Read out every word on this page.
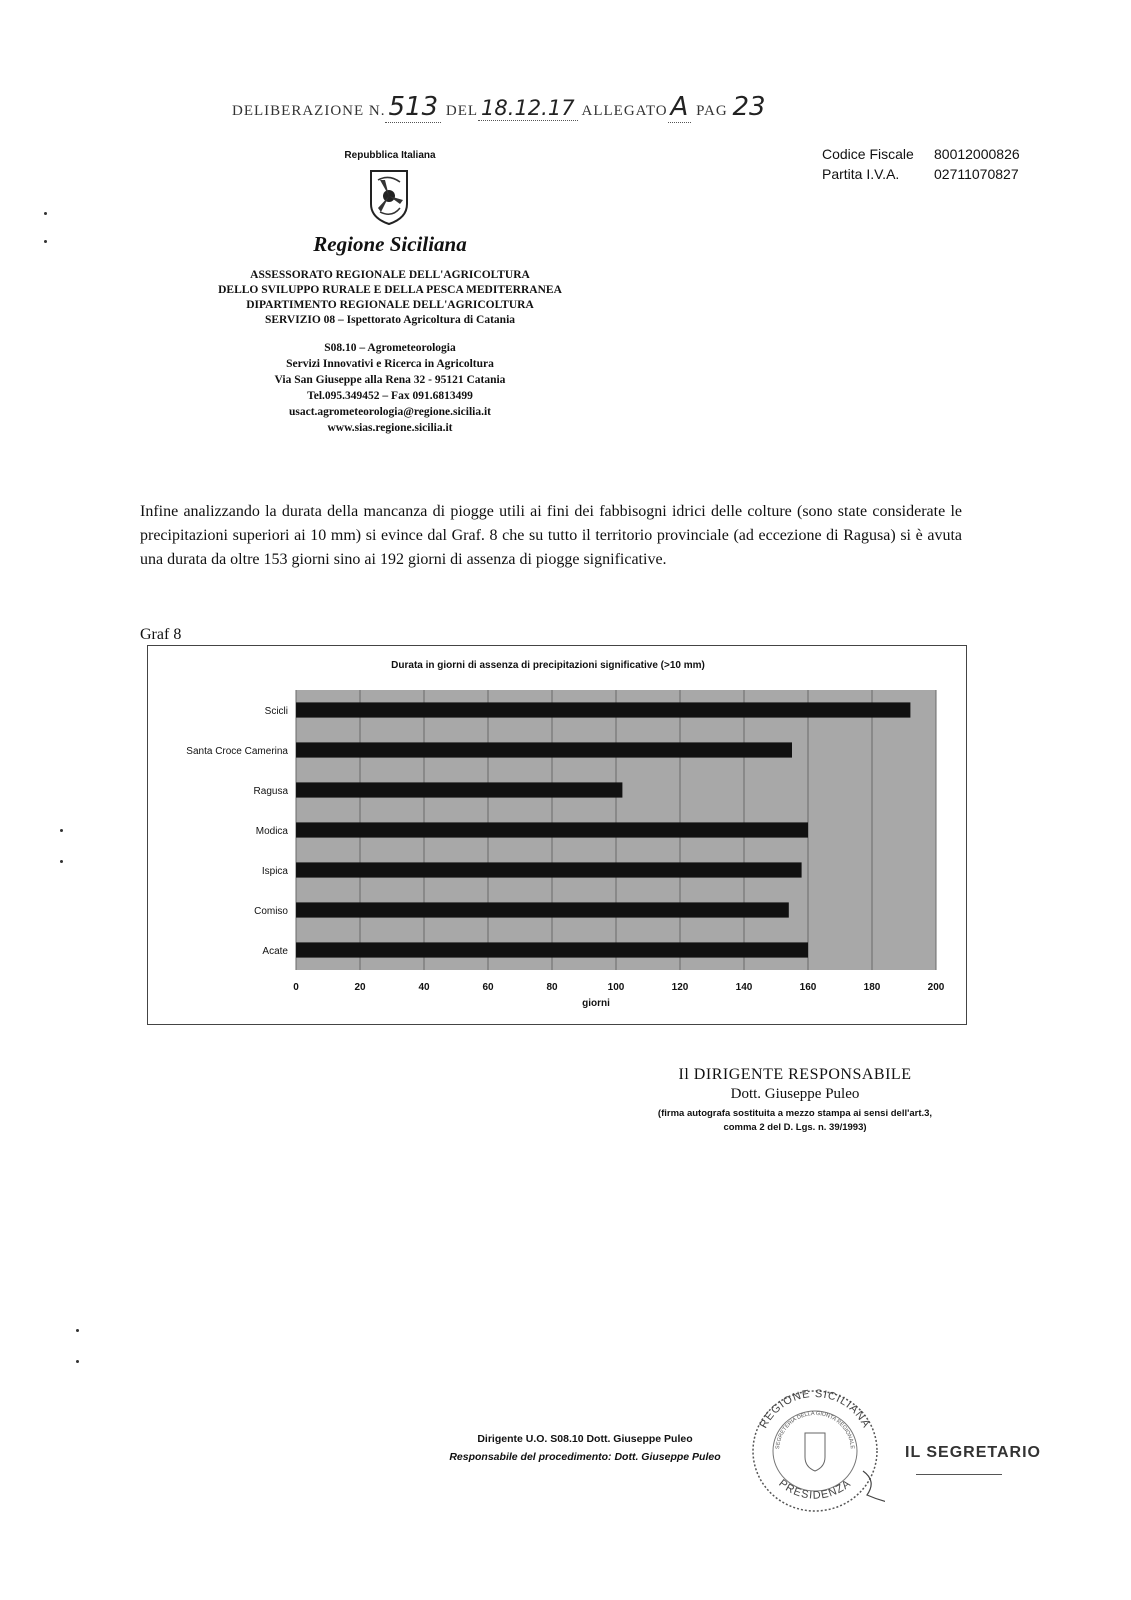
DELIBERAZIONE N. 513 DEL 18.12.17 ALLEGATO A PAG 23
Codice Fiscale 80012000826
Partita I.V.A. 02711070827
Repubblica Italiana
Regione Siciliana
ASSESSORATO REGIONALE DELL'AGRICOLTURA
DELLO SVILUPPO RURALE E DELLA PESCA MEDITERRANEA
DIPARTIMENTO REGIONALE DELL'AGRICOLTURA
SERVIZIO 08 – Ispettorato Agricoltura di Catania
S08.10 – Agrometeorologia
Servizi Innovativi e Ricerca in Agricoltura
Via San Giuseppe alla Rena 32 - 95121 Catania
Tel.095.349452 – Fax 091.6813499
usact.agrometeorologia@regione.sicilia.it
www.sias.regione.sicilia.it
Infine analizzando la durata della mancanza di piogge utili ai fini dei fabbisogni idrici delle colture (sono state considerate le precipitazioni superiori ai 10 mm) si evince dal Graf. 8 che su tutto il territorio provinciale (ad eccezione di Ragusa) si è avuta una durata da oltre 153 giorni sino ai 192 giorni di assenza di piogge significative.
Graf 8
Durata in giorni di assenza di precipitazioni significative (>10 mm)
Scicli
Santa Croce Camerina
Ragusa
Modica
Ispica
Comiso
Acate
0	20	40	60	80	100	120	140	160	180	200
giorni
Il DIRIGENTE RESPONSABILE
Dott. Giuseppe Puleo
(firma autografa sostituita a mezzo stampa ai sensi dell'art.3,
comma 2 del D. Lgs. n. 39/1993)
Dirigente U.O. S08.10 Dott. Giuseppe Puleo
Responsabile del procedimento: Dott. Giuseppe Puleo
REGIONE SICILIANA
SEGRETERIA DELLA GIUNTA REGIONALE
PRESIDENZA
IL SEGRETARIO
